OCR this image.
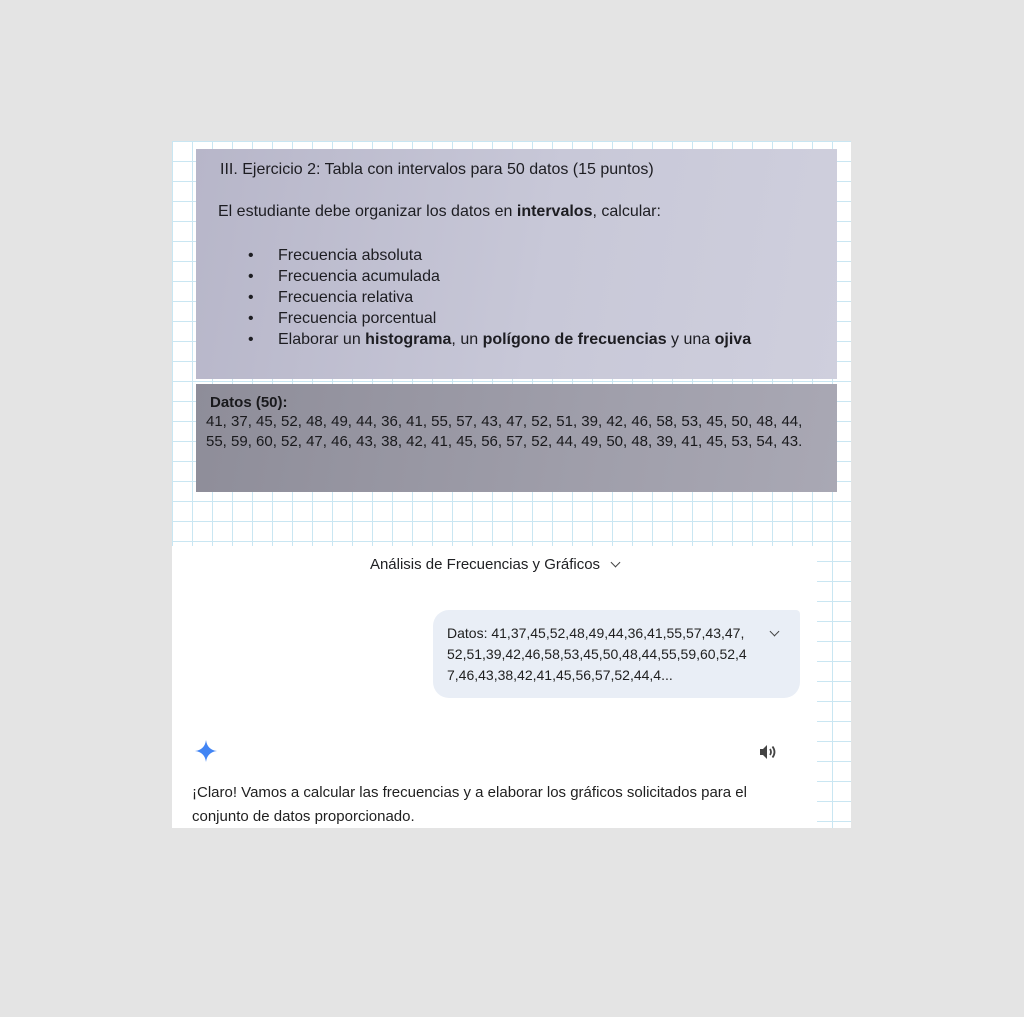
III. Ejercicio 2: Tabla con intervalos para 50 datos (15 puntos)
El estudiante debe organizar los datos en intervalos, calcular:
• Frecuencia absoluta
• Frecuencia acumulada
• Frecuencia relativa
• Frecuencia porcentual
• Elaborar un histograma, un polígono de frecuencias y una ojiva
Datos (50):
41, 37, 45, 52, 48, 49, 44, 36, 41, 55, 57, 43, 47, 52, 51, 39, 42, 46, 58, 53, 45, 50, 48, 44, 55, 59, 60, 52, 47, 46, 43, 38, 42, 41, 45, 56, 57, 52, 44, 49, 50, 48, 39, 41, 45, 53, 54, 43.
Análisis de Frecuencias y Gráficos
Datos: 41,37,45,52,48,49,44,36,41,55,57,43,47,52,51,39,42,46,58,53,45,50,48,44,55,59,60,52,47,46,43,38,42,41,45,56,57,52,44,4...
¡Claro! Vamos a calcular las frecuencias y a elaborar los gráficos solicitados para el conjunto de datos proporcionado.
